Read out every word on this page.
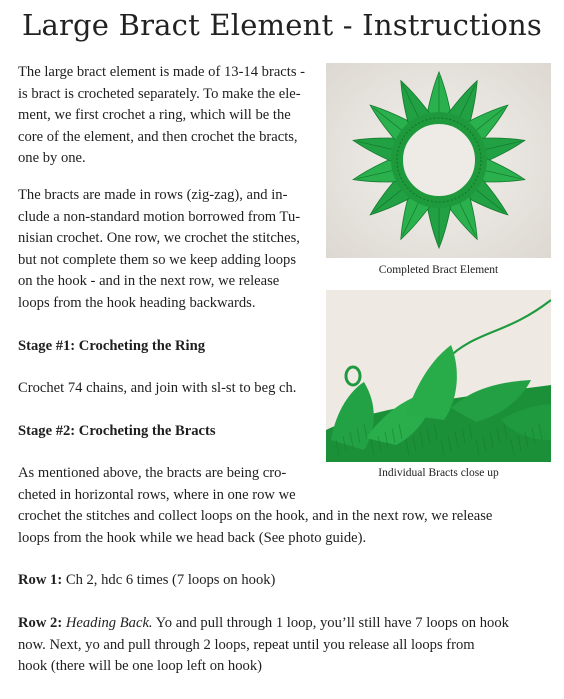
Large Bract Element - Instructions
The large bract element is made of 13-14 bracts -
is bract is crocheted separately. To make the ele-
ment, we first crochet a ring, which will be the
core of the element, and then crochet the bracts,
one by one.
The bracts are made in rows (zig-zag), and in-
clude a non-standard motion borrowed from Tu-
nisian crochet. One row, we crochet the stitches,
but not complete them so we keep adding loops
on the hook - and in the next row, we release
loops from the hook heading backwards.
Stage #1: Crocheting the Ring
Crochet 74 chains, and join with sl-st to beg ch.
Stage #2: Crocheting the Bracts
As mentioned above, the bracts are being cro-
cheted in horizontal rows, where in one row we
crochet the stitches and collect loops on the hook, and in the next row, we release
loops from the hook while we head back (See photo guide).
Row 1: Ch 2, hdc 6 times (7 loops on hook)
Row 2: Heading Back. Yo and pull through 1 loop, you’ll still have 7 loops on hook
now. Next, yo and pull through 2 loops, repeat until you release all loops from
hook (there will be one loop left on hook)
Completed Bract Element
Individual Bracts close up
